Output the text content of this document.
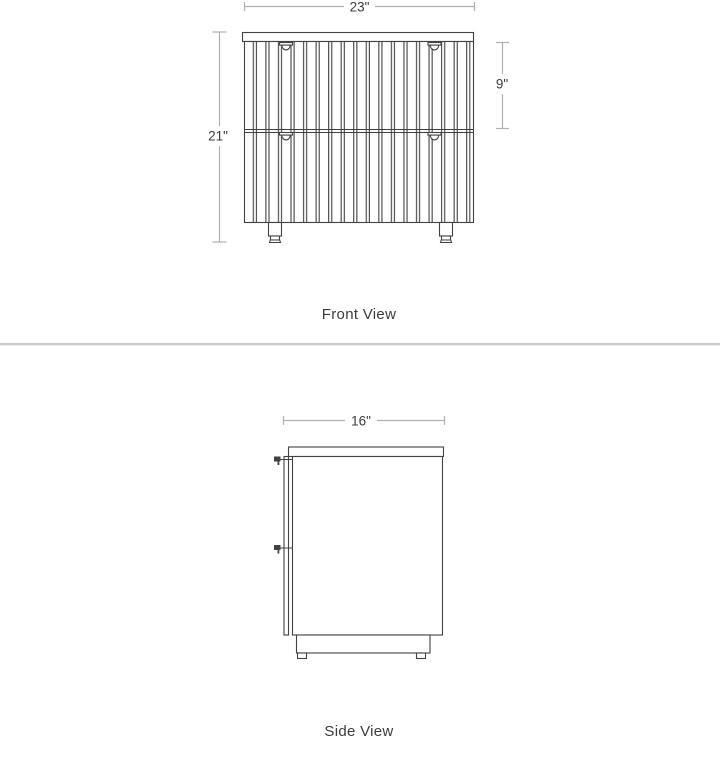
23"
21"
9"
16"
Front View
Side View
